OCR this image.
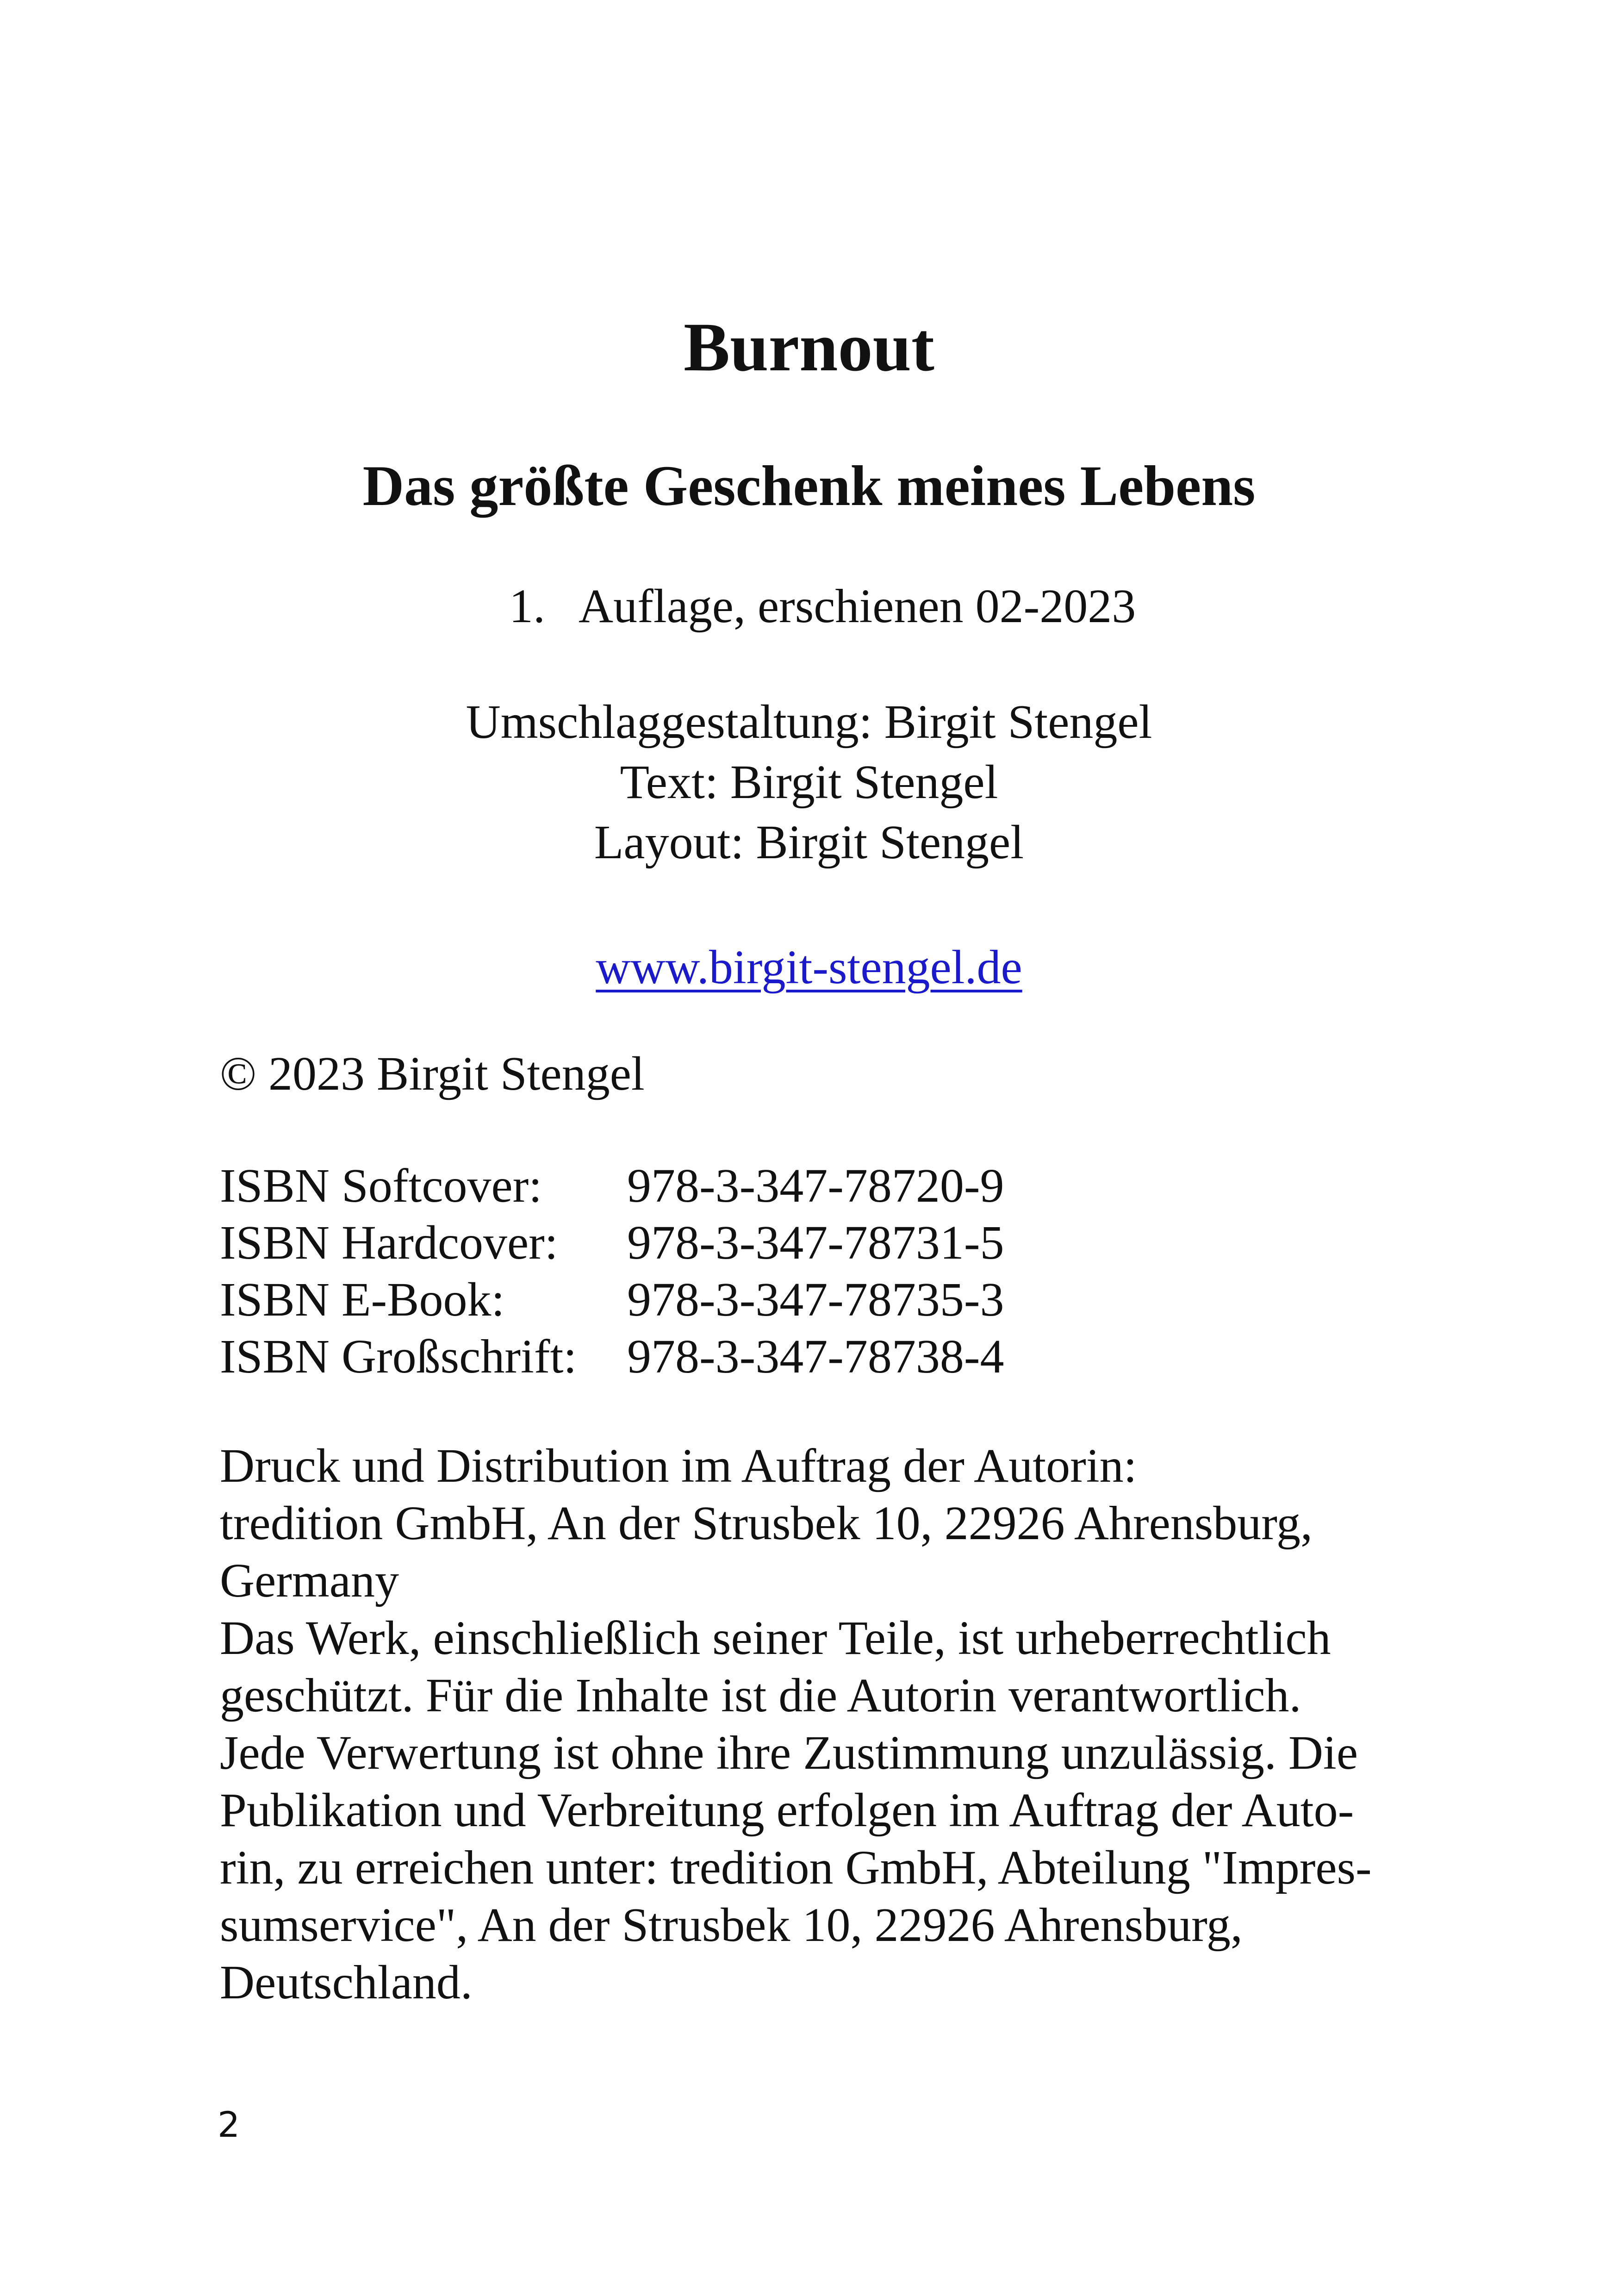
Burnout
Das größte Geschenk meines Lebens
1. Auflage, erschienen 02-2023
Umschlaggestaltung: Birgit Stengel
Text: Birgit Stengel
Layout: Birgit Stengel
www.birgit-stengel.de
© 2023 Birgit Stengel
ISBN Softcover:	978-3-347-78720-9
ISBN Hardcover:	978-3-347-78731-5
ISBN E-Book:	978-3-347-78735-3
ISBN Großschrift:	978-3-347-78738-4
Druck und Distribution im Auftrag der Autorin:
tredition GmbH, An der Strusbek 10, 22926 Ahrensburg,
Germany
Das Werk, einschließlich seiner Teile, ist urheberrechtlich
geschützt. Für die Inhalte ist die Autorin verantwortlich.
Jede Verwertung ist ohne ihre Zustimmung unzulässig. Die
Publikation und Verbreitung erfolgen im Auftrag der Auto-
rin, zu erreichen unter: tredition GmbH, Abteilung "Impres-
sumservice", An der Strusbek 10, 22926 Ahrensburg,
Deutschland.
2
